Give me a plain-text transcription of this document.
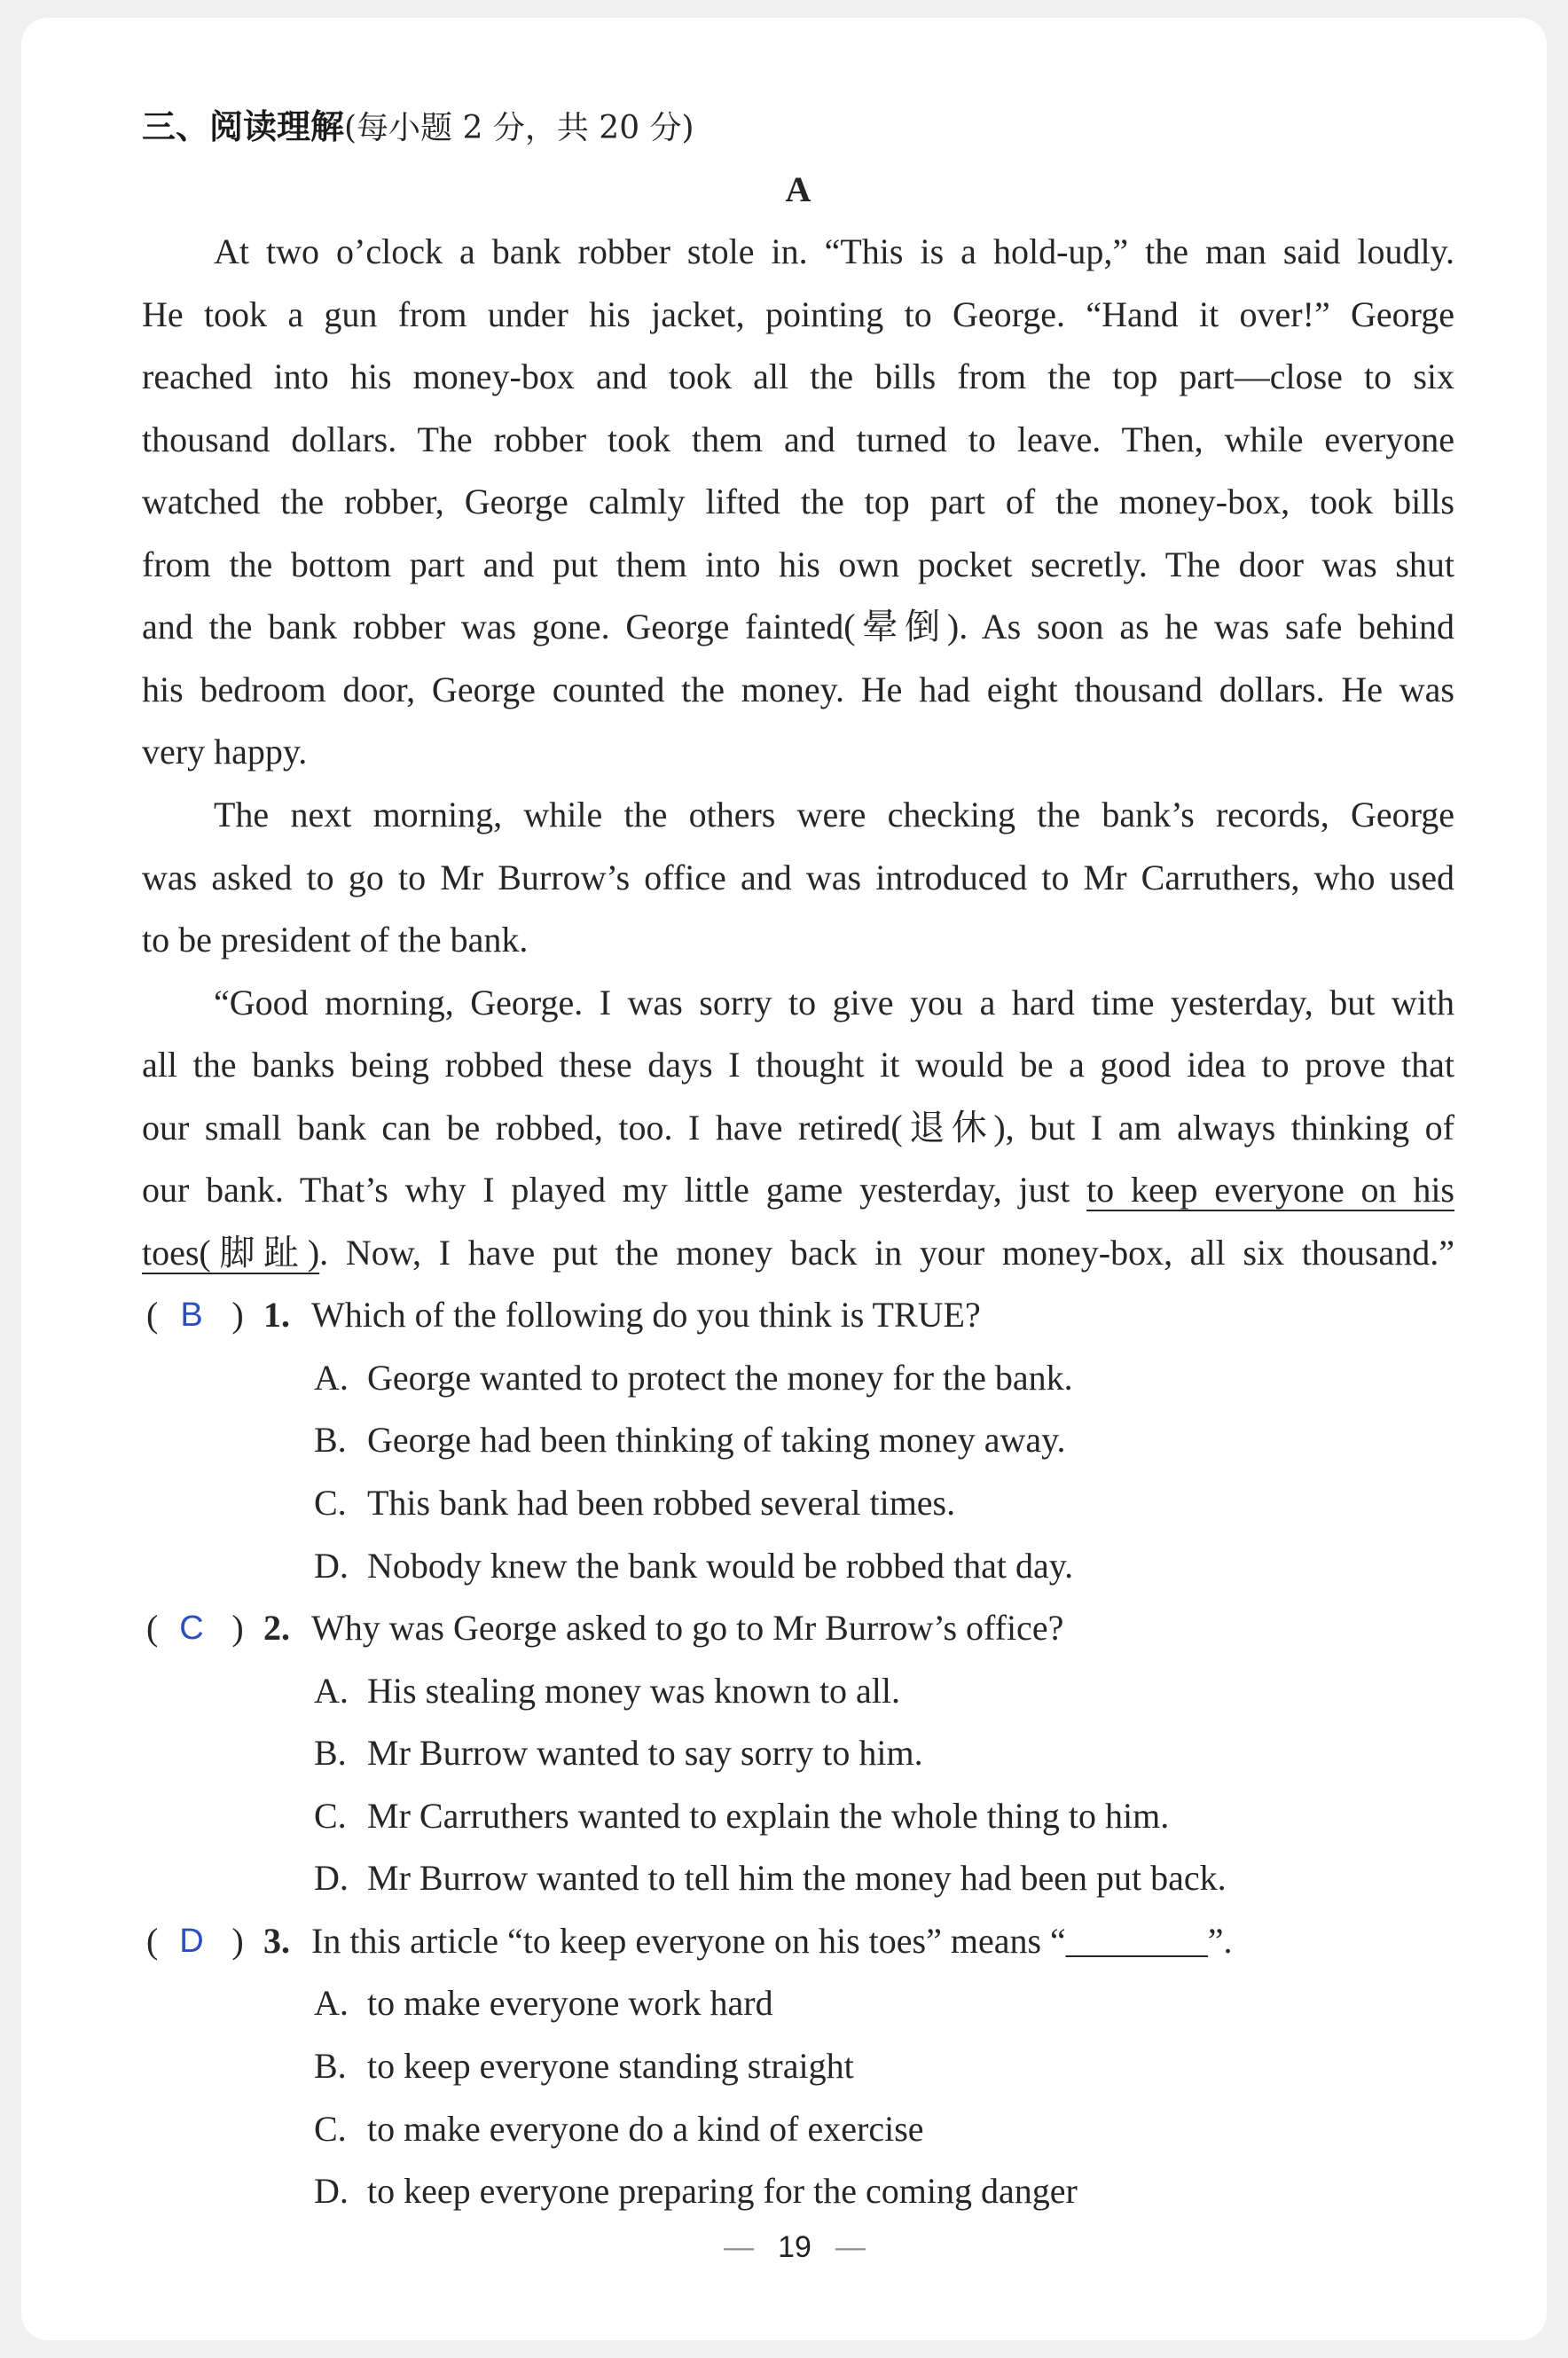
三、阅读理解(每小题 2 分，共 20 分)
A
At two o’clock a bank robber stole in. “This is a hold-up,” the man said loudly.
He took a gun from under his jacket, pointing to George. “Hand it over!” George
reached into his money-box and took all the bills from the top part—close to six
thousand dollars. The robber took them and turned to leave. Then, while everyone
watched the robber, George calmly lifted the top part of the money-box, took bills
from the bottom part and put them into his own pocket secretly. The door was shut
and the bank robber was gone. George fainted(晕倒). As soon as he was safe behind
his bedroom door, George counted the money. He had eight thousand dollars. He was
very happy.
The next morning, while the others were checking the bank’s records, George
was asked to go to Mr Burrow’s office and was introduced to Mr Carruthers, who used
to be president of the bank.
“Good morning, George. I was sorry to give you a hard time yesterday, but with
all the banks being robbed these days I thought it would be a good idea to prove that
our small bank can be robbed, too. I have retired(退休), but I am always thinking of
our bank. That’s why I played my little game yesterday, just to keep everyone on his
toes(脚趾). Now, I have put the money back in your money-box, all six thousand.”
( B ) 1. Which of the following do you think is TRUE?
A. George wanted to protect the money for the bank.
B. George had been thinking of taking money away.
C. This bank had been robbed several times.
D. Nobody knew the bank would be robbed that day.
( C ) 2. Why was George asked to go to Mr Burrow’s office?
A. His stealing money was known to all.
B. Mr Burrow wanted to say sorry to him.
C. Mr Carruthers wanted to explain the whole thing to him.
D. Mr Burrow wanted to tell him the money had been put back.
( D ) 3. In this article “to keep everyone on his toes” means “________”.
A. to make everyone work hard
B. to keep everyone standing straight
C. to make everyone do a kind of exercise
D. to keep everyone preparing for the coming danger
— 19 —
